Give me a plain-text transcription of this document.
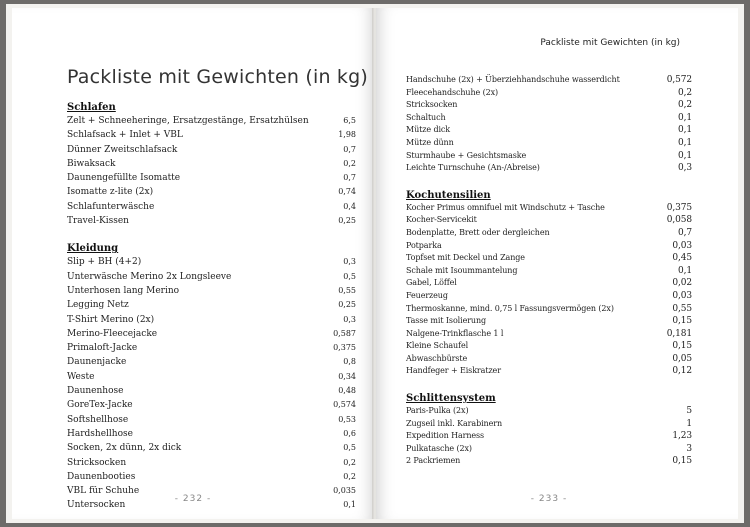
Packliste mit Gewichten (in kg)
Schlafen
Zelt + Schneeheringe, Ersatzgestänge, Ersatzhülsen	6,5
Schlafsack + Inlet + VBL	1,98
Dünner Zweitschlafsack	0,7
Biwaksack	0,2
Daunengefüllte Isomatte	0,7
Isomatte z-lite (2x)	0,74
Schlafunterwäsche	0,4
Travel-Kissen	0,25
Kleidung
Slip + BH (4+2)	0,3
Unterwäsche Merino 2x Longsleeve	0,5
Unterhosen lang Merino	0,55
Legging Netz	0,25
T-Shirt Merino (2x)	0,3
Merino-Fleecejacke	0,587
Primaloft-Jacke	0,375
Daunenjacke	0,8
Weste	0,34
Daunenhose	0,48
GoreTex-Jacke	0,574
Softshellhose	0,53
Hardshellhose	0,6
Socken, 2x dünn, 2x dick	0,5
Stricksocken	0,2
Daunenbooties	0,2
VBL für Schuhe	0,035
Untersocken	0,1
- 232 -
Packliste mit Gewichten (in kg)
Handschuhe (2x) + Überziehhandschuhe wasserdicht	0,572
Fleecehandschuhe (2x)	0,2
Stricksocken	0,2
Schaltuch	0,1
Mütze dick	0,1
Mütze dünn	0,1
Sturmhaube + Gesichtsmaske	0,1
Leichte Turnschuhe (An-/Abreise)	0,3
Kochutensilien
Kocher Primus omnifuel mit Windschutz + Tasche	0,375
Kocher-Servicekit	0,058
Bodenplatte, Brett oder dergleichen	0,7
Potparka	0,03
Topfset mit Deckel und Zange	0,45
Schale mit Isoummantelung	0,1
Gabel, Löffel	0,02
Feuerzeug	0,03
Thermoskanne, mind. 0,75 l Fassungsvermögen (2x)	0,55
Tasse mit Isolierung	0,15
Nalgene-Trinkflasche 1 l	0,181
Kleine Schaufel	0,15
Abwaschbürste	0,05
Handfeger + Eiskratzer	0,12
Schlittensystem
Paris-Pulka (2x)	5
Zugseil inkl. Karabinern	1
Expedition Harness	1,23
Pulkatasche (2x)	3
2 Packriemen	0,15
- 233 -
